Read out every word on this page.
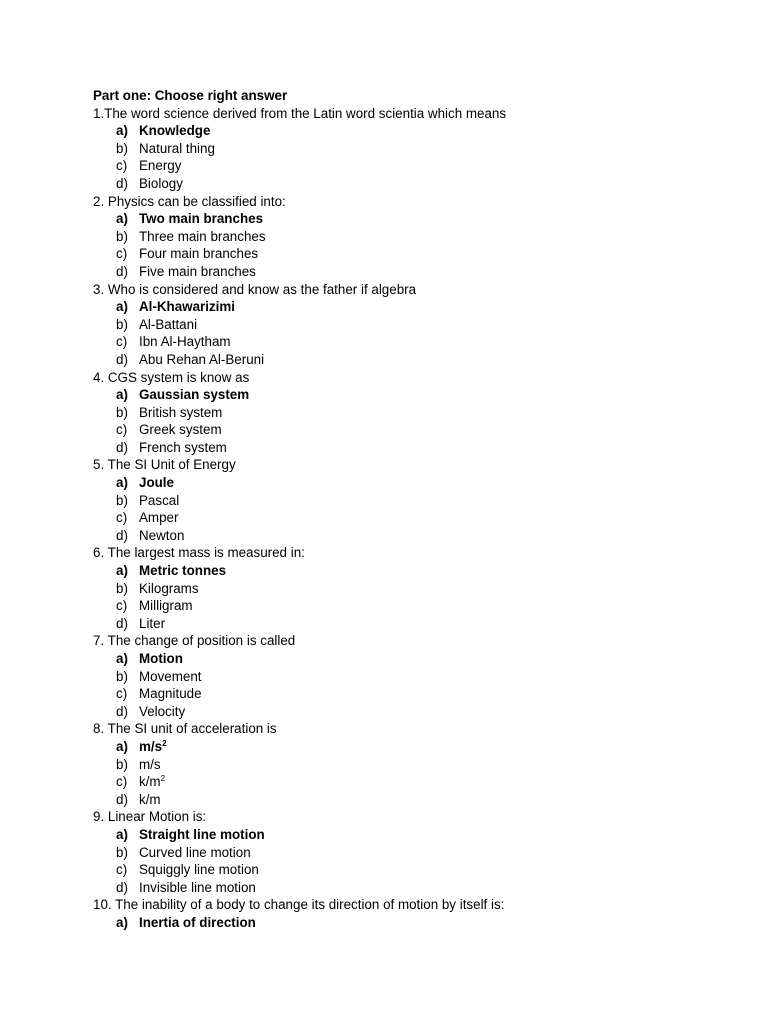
Part one: Choose right answer
1.The word science derived from the Latin word scientia which means
a) Knowledge
b) Natural thing
c) Energy
d) Biology
2. Physics can be classified into:
a) Two main branches
b) Three main branches
c) Four main branches
d) Five main branches
3. Who is considered and know as the father if algebra
a) Al-Khawarizimi
b) Al-Battani
c) Ibn Al-Haytham
d) Abu Rehan Al-Beruni
4. CGS system is know as
a) Gaussian system
b) British system
c) Greek system
d) French system
5. The SI Unit of Energy
a) Joule
b) Pascal
c) Amper
d) Newton
6. The largest mass is measured in:
a) Metric tonnes
b) Kilograms
c) Milligram
d) Liter
7. The change of position is called
a) Motion
b) Movement
c) Magnitude
d) Velocity
8. The SI unit of acceleration is
a) $m/s^2$
b) m/s
c) $k/m^2$
d) k/m
9. Linear Motion is:
a) Straight line motion
b) Curved line motion
c) Squiggly line motion
d) Invisible line motion
10. The inability of a body to change its direction of motion by itself is:
a) Inertia of direction
